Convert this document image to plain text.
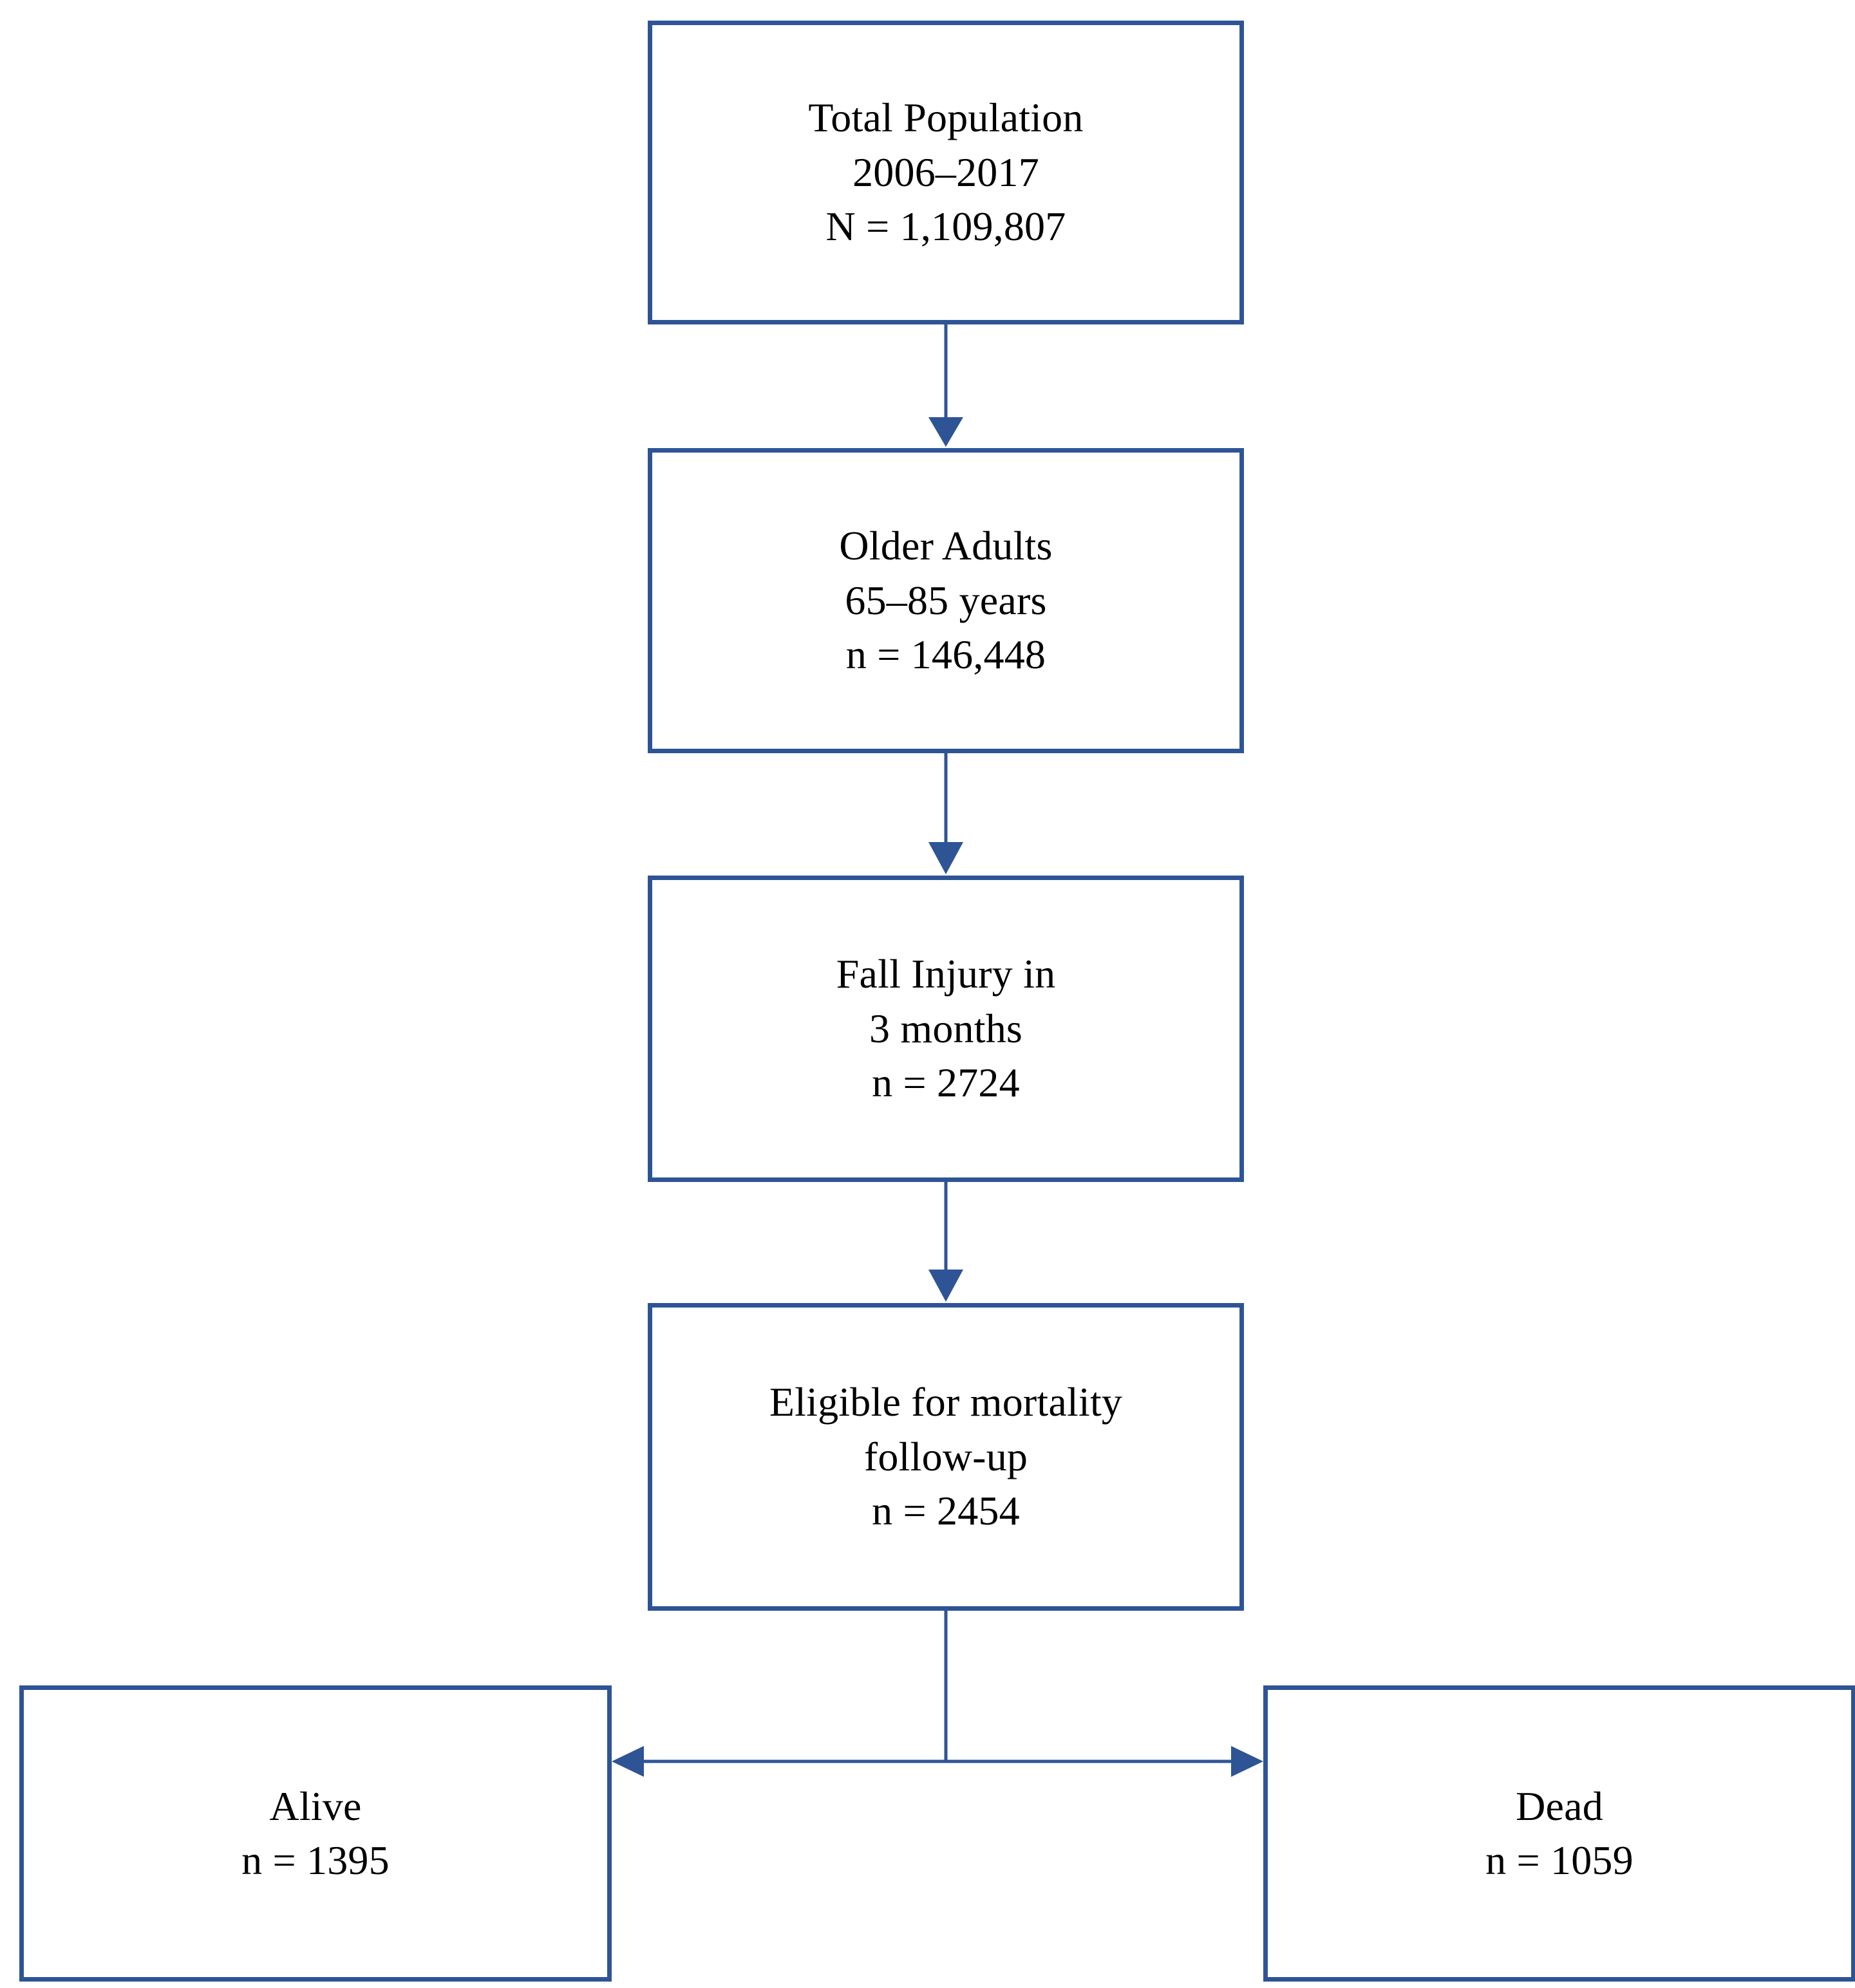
Total Population
2006–2017
N = 1,109,807
Older Adults
65–85 years
n = 146,448
Fall Injury in
3 months
n = 2724
Eligible for mortality
follow-up
n = 2454
Alive
n = 1395
Dead
n = 1059
